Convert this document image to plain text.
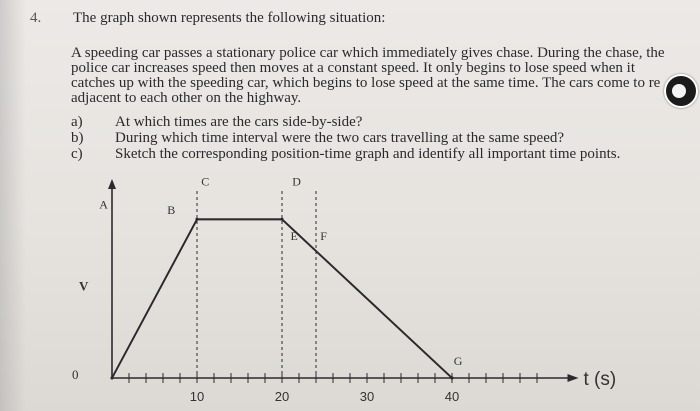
4. The graph shown represents the following situation:
A speeding car passes a stationary police car which immediately gives chase. During the chase, the
police car increases speed then moves at a constant speed. It only begins to lose speed when it
catches up with the speeding car, which begins to lose speed at the same time. The cars come to re
adjacent to each other on the highway.
a)	At which times are the cars side-by-side?
b)	During which time interval were the two cars travelling at the same speed?
c)	Sketch the corresponding position-time graph and identify all important time points.
10	20	30	40
A	B
C	D
E F
G
V
0	t (s)
